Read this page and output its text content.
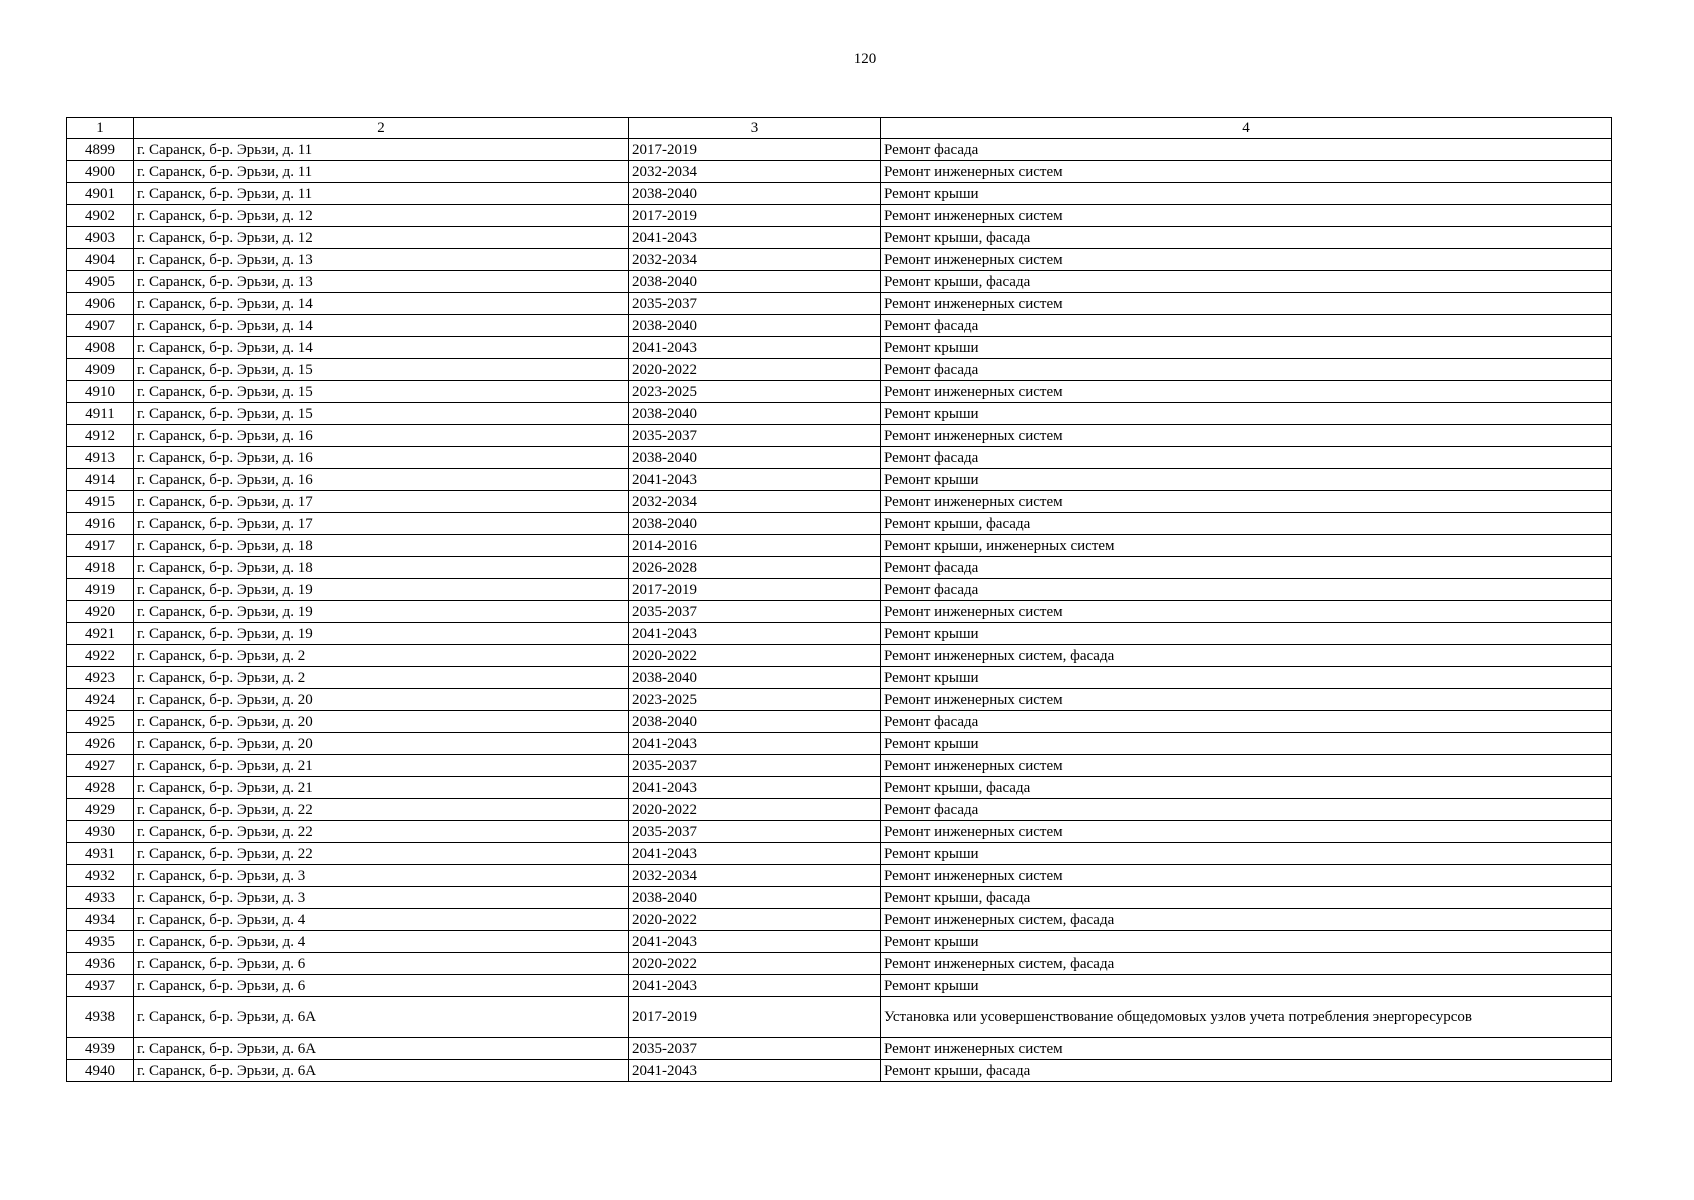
120
1	2	3	4
4899	г. Саранск, б-р. Эрьзи, д. 11	2017-2019	Ремонт фасада
4900	г. Саранск, б-р. Эрьзи, д. 11	2032-2034	Ремонт инженерных систем
4901	г. Саранск, б-р. Эрьзи, д. 11	2038-2040	Ремонт крыши
4902	г. Саранск, б-р. Эрьзи, д. 12	2017-2019	Ремонт инженерных систем
4903	г. Саранск, б-р. Эрьзи, д. 12	2041-2043	Ремонт крыши, фасада
4904	г. Саранск, б-р. Эрьзи, д. 13	2032-2034	Ремонт инженерных систем
4905	г. Саранск, б-р. Эрьзи, д. 13	2038-2040	Ремонт крыши, фасада
4906	г. Саранск, б-р. Эрьзи, д. 14	2035-2037	Ремонт инженерных систем
4907	г. Саранск, б-р. Эрьзи, д. 14	2038-2040	Ремонт фасада
4908	г. Саранск, б-р. Эрьзи, д. 14	2041-2043	Ремонт крыши
4909	г. Саранск, б-р. Эрьзи, д. 15	2020-2022	Ремонт фасада
4910	г. Саранск, б-р. Эрьзи, д. 15	2023-2025	Ремонт инженерных систем
4911	г. Саранск, б-р. Эрьзи, д. 15	2038-2040	Ремонт крыши
4912	г. Саранск, б-р. Эрьзи, д. 16	2035-2037	Ремонт инженерных систем
4913	г. Саранск, б-р. Эрьзи, д. 16	2038-2040	Ремонт фасада
4914	г. Саранск, б-р. Эрьзи, д. 16	2041-2043	Ремонт крыши
4915	г. Саранск, б-р. Эрьзи, д. 17	2032-2034	Ремонт инженерных систем
4916	г. Саранск, б-р. Эрьзи, д. 17	2038-2040	Ремонт крыши, фасада
4917	г. Саранск, б-р. Эрьзи, д. 18	2014-2016	Ремонт крыши, инженерных систем
4918	г. Саранск, б-р. Эрьзи, д. 18	2026-2028	Ремонт фасада
4919	г. Саранск, б-р. Эрьзи, д. 19	2017-2019	Ремонт фасада
4920	г. Саранск, б-р. Эрьзи, д. 19	2035-2037	Ремонт инженерных систем
4921	г. Саранск, б-р. Эрьзи, д. 19	2041-2043	Ремонт крыши
4922	г. Саранск, б-р. Эрьзи, д. 2	2020-2022	Ремонт инженерных систем, фасада
4923	г. Саранск, б-р. Эрьзи, д. 2	2038-2040	Ремонт крыши
4924	г. Саранск, б-р. Эрьзи, д. 20	2023-2025	Ремонт инженерных систем
4925	г. Саранск, б-р. Эрьзи, д. 20	2038-2040	Ремонт фасада
4926	г. Саранск, б-р. Эрьзи, д. 20	2041-2043	Ремонт крыши
4927	г. Саранск, б-р. Эрьзи, д. 21	2035-2037	Ремонт инженерных систем
4928	г. Саранск, б-р. Эрьзи, д. 21	2041-2043	Ремонт крыши, фасада
4929	г. Саранск, б-р. Эрьзи, д. 22	2020-2022	Ремонт фасада
4930	г. Саранск, б-р. Эрьзи, д. 22	2035-2037	Ремонт инженерных систем
4931	г. Саранск, б-р. Эрьзи, д. 22	2041-2043	Ремонт крыши
4932	г. Саранск, б-р. Эрьзи, д. 3	2032-2034	Ремонт инженерных систем
4933	г. Саранск, б-р. Эрьзи, д. 3	2038-2040	Ремонт крыши, фасада
4934	г. Саранск, б-р. Эрьзи, д. 4	2020-2022	Ремонт инженерных систем, фасада
4935	г. Саранск, б-р. Эрьзи, д. 4	2041-2043	Ремонт крыши
4936	г. Саранск, б-р. Эрьзи, д. 6	2020-2022	Ремонт инженерных систем, фасада
4937	г. Саранск, б-р. Эрьзи, д. 6	2041-2043	Ремонт крыши
4938	г. Саранск, б-р. Эрьзи, д. 6А	2017-2019	Установка или усовершенствование общедомовых узлов учета потребления энергоресурсов
4939	г. Саранск, б-р. Эрьзи, д. 6А	2035-2037	Ремонт инженерных систем
4940	г. Саранск, б-р. Эрьзи, д. 6А	2041-2043	Ремонт крыши, фасада
